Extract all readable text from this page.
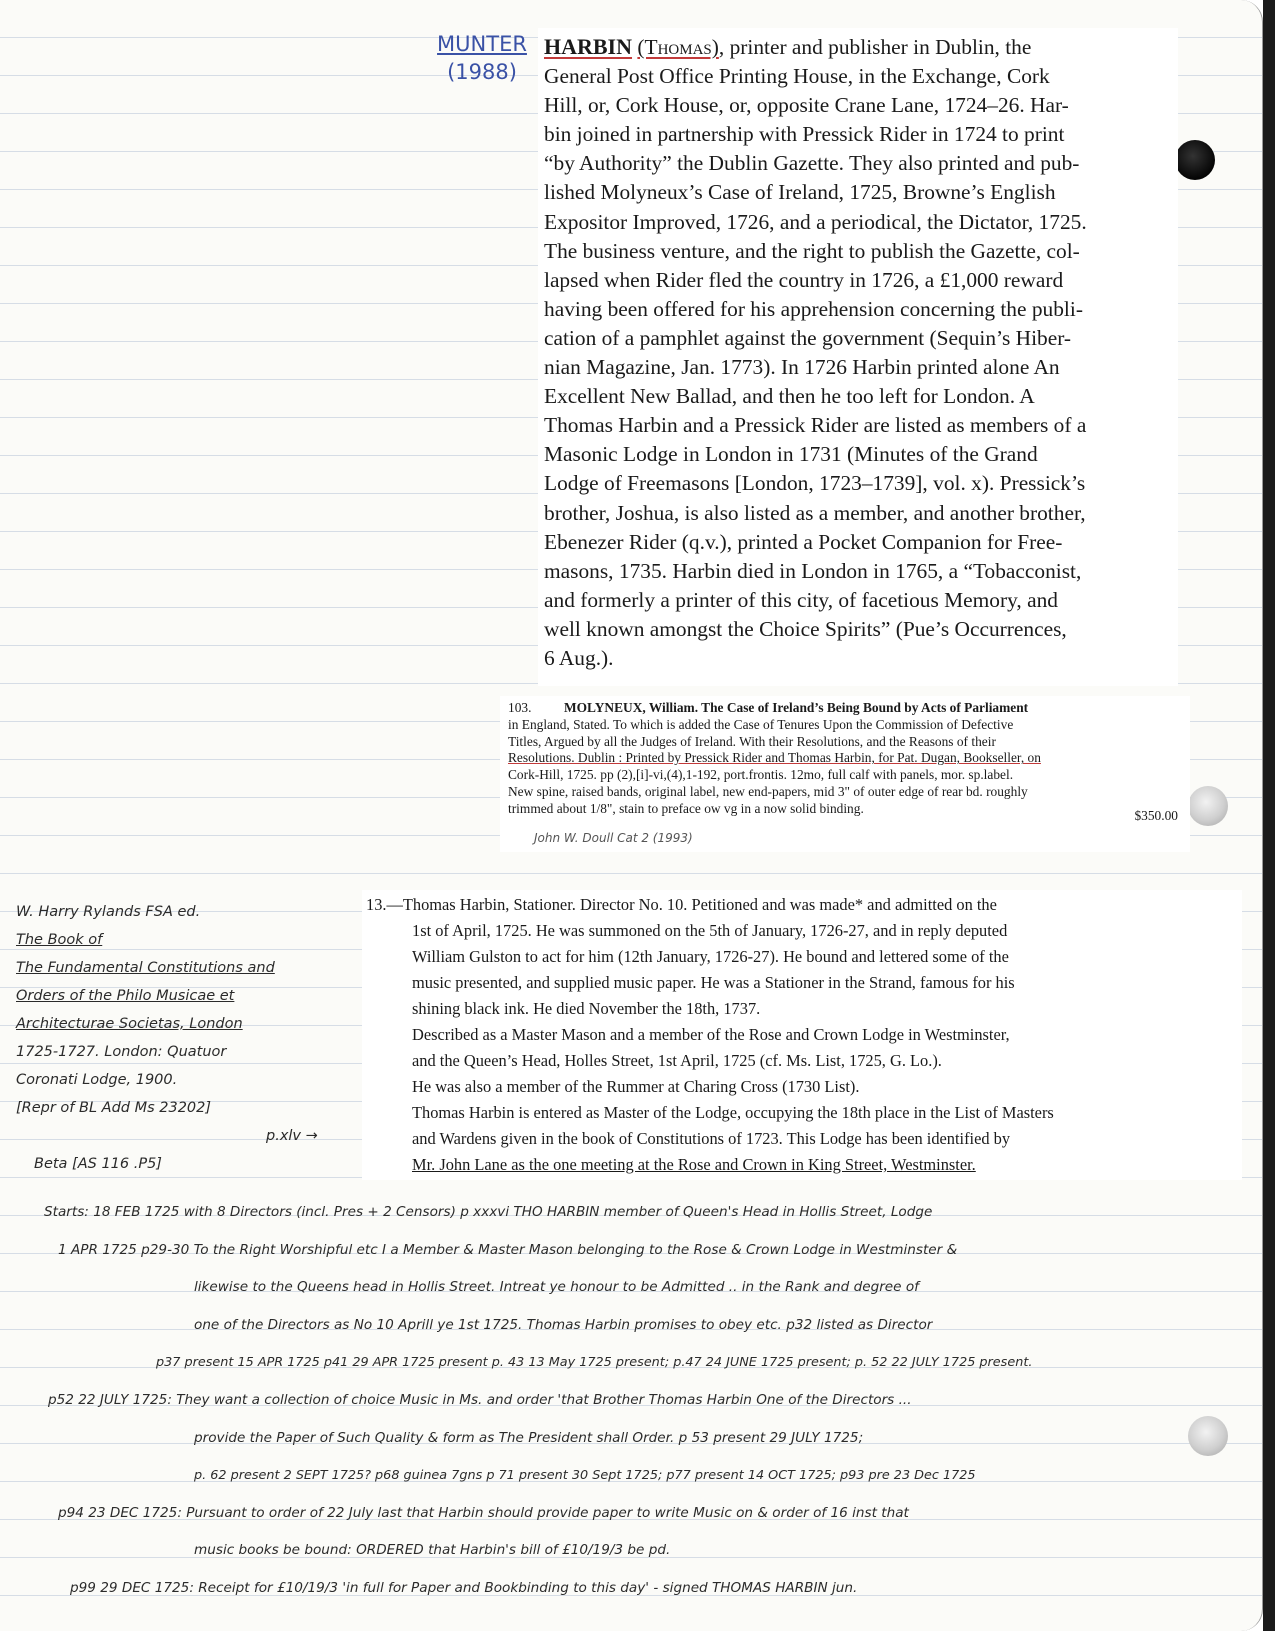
MUNTER
(1988)
HARBIN (Thomas), printer and publisher in Dublin, the
General Post Office Printing House, in the Exchange, Cork
Hill, or, Cork House, or, opposite Crane Lane, 1724–26. Har-
bin joined in partnership with Pressick Rider in 1724 to print
“by Authority” the Dublin Gazette. They also printed and pub-
lished Molyneux’s Case of Ireland, 1725, Browne’s English
Expositor Improved, 1726, and a periodical, the Dictator, 1725.
The business venture, and the right to publish the Gazette, col-
lapsed when Rider fled the country in 1726, a £1,000 reward
having been offered for his apprehension concerning the publi-
cation of a pamphlet against the government (Sequin’s Hiber-
nian Magazine, Jan. 1773). In 1726 Harbin printed alone An
Excellent New Ballad, and then he too left for London. A
Thomas Harbin and a Pressick Rider are listed as members of a
Masonic Lodge in London in 1731 (Minutes of the Grand
Lodge of Freemasons [London, 1723–1739], vol. x). Pressick’s
brother, Joshua, is also listed as a member, and another brother,
Ebenezer Rider (q.v.), printed a Pocket Companion for Free-
masons, 1735. Harbin died in London in 1765, a “Tobacconist,
and formerly a printer of this city, of facetious Memory, and
well known amongst the Choice Spirits” (Pue’s Occurrences,
6 Aug.).
103. MOLYNEUX, William. The Case of Ireland’s Being Bound by Acts of Parliament
in England, Stated. To which is added the Case of Tenures Upon the Commission of Defective
Titles, Argued by all the Judges of Ireland. With their Resolutions, and the Reasons of their
Resolutions. Dublin : Printed by Pressick Rider and Thomas Harbin, for Pat. Dugan, Bookseller, on
Cork-Hill, 1725. pp (2),[i]-vi,(4),1-192, port.frontis. 12mo, full calf with panels, mor. sp.label.
New spine, raised bands, original label, new end-papers, mid 3" of outer edge of rear bd. roughly
trimmed about 1/8", stain to preface ow vg in a now solid binding.	$350.00
John W. Doull Cat 2 (1993)
W. Harry Rylands FSA ed.
The Book of
The Fundamental Constitutions and
Orders of the Philo Musicae et
Architecturae Societas, London
1725-1727. London: Quatuor
Coronati Lodge, 1900.
[Repr of BL Add Ms 23202]
p.xlv →
Beta [AS 116 .P5]
13.—Thomas Harbin, Stationer. Director No. 10. Petitioned and was made* and admitted on the
1st of April, 1725. He was summoned on the 5th of January, 1726-27, and in reply deputed
William Gulston to act for him (12th January, 1726-27). He bound and lettered some of the
music presented, and supplied music paper. He was a Stationer in the Strand, famous for his
shining black ink. He died November the 18th, 1737.
Described as a Master Mason and a member of the Rose and Crown Lodge in Westminster,
and the Queen’s Head, Holles Street, 1st April, 1725 (cf. Ms. List, 1725, G. Lo.).
He was also a member of the Rummer at Charing Cross (1730 List).
Thomas Harbin is entered as Master of the Lodge, occupying the 18th place in the List of Masters
and Wardens given in the book of Constitutions of 1723. This Lodge has been identified by
Mr. John Lane as the one meeting at the Rose and Crown in King Street, Westminster.
Starts: 18 FEB 1725 with 8 Directors (incl. Pres + 2 Censors) p xxxvi THO HARBIN member of Queen's Head in Hollis Street, Lodge
1 APR 1725 p29-30 To the Right Worshipful etc I a Member & Master Mason belonging to the Rose & Crown Lodge in Westminster &
likewise to the Queens head in Hollis Street. Intreat ye honour to be Admitted .. in the Rank and degree of
one of the Directors as No 10 Aprill ye 1st 1725. Thomas Harbin promises to obey etc. p32 listed as Director
p37 present 15 APR 1725 p41 29 APR 1725 present p. 43 13 May 1725 present; p.47 24 JUNE 1725 present; p. 52 22 JULY 1725 present.
p52 22 JULY 1725: They want a collection of choice Music in Ms. and order 'that Brother Thomas Harbin One of the Directors ...
provide the Paper of Such Quality & form as The President shall Order. p 53 present 29 JULY 1725;
p. 62 present 2 SEPT 1725? p68 guinea 7gns p 71 present 30 Sept 1725; p77 present 14 OCT 1725; p93 pre 23 Dec 1725
p94 23 DEC 1725: Pursuant to order of 22 July last that Harbin should provide paper to write Music on & order of 16 inst that
music books be bound: ORDERED that Harbin's bill of £10/19/3 be pd.
p99 29 DEC 1725: Receipt for £10/19/3 'in full for Paper and Bookbinding to this day' - signed THOMAS HARBIN jun.
